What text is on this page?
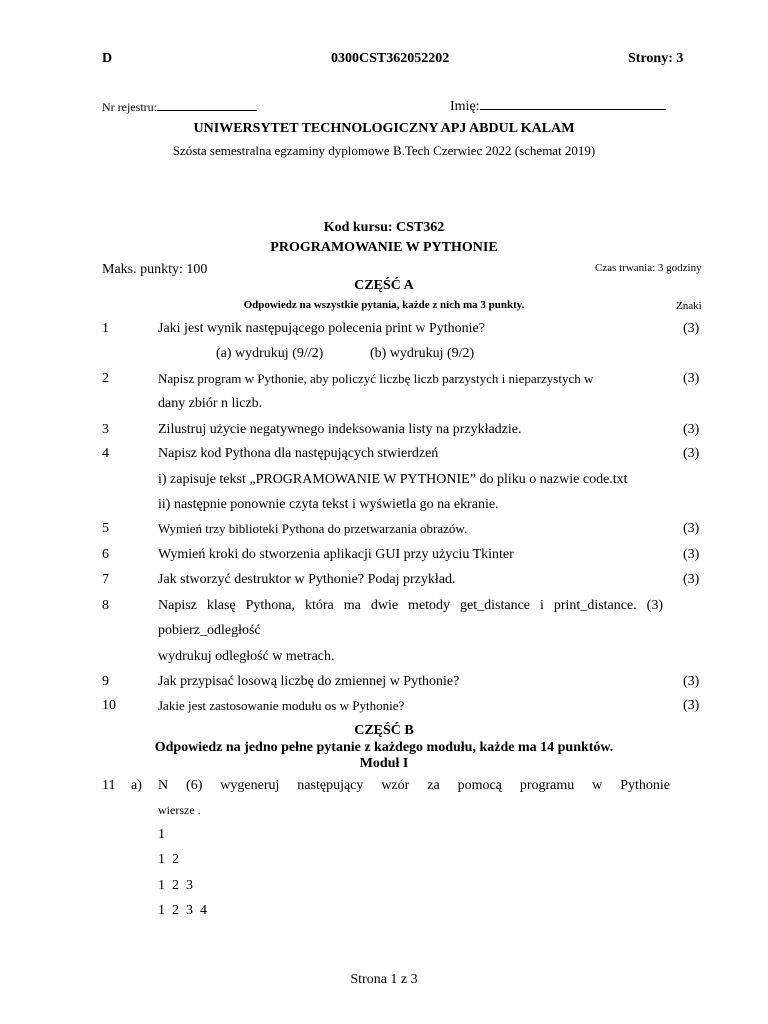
D	0300CST362052202	Strony: 3
Nr rejestru:	Imię:
UNIWERSYTET TECHNOLOGICZNY APJ ABDUL KALAM
Szósta semestralna egzaminy dyplomowe B.Tech Czerwiec 2022 (schemat 2019)
Kod kursu: CST362
PROGRAMOWANIE W PYTHONIE
Maks. punkty: 100	Czas trwania: 3 godziny
CZĘŚĆ A
Odpowiedz na wszystkie pytania, każde z nich ma 3 punkty.	Znaki
1	Jaki jest wynik następującego polecenia print w Pythonie?	(3)
(a) wydrukuj (9//2)	(b) wydrukuj (9/2)
2	Napisz program w Pythonie, aby policzyć liczbę liczb parzystych i nieparzystych w	(3)
dany zbiór n liczb.
3	Zilustruj użycie negatywnego indeksowania listy na przykładzie.	(3)
4	Napisz kod Pythona dla następujących stwierdzeń	(3)
i) zapisuje tekst „PROGRAMOWANIE W PYTHONIE” do pliku o nazwie code.txt
ii) następnie ponownie czyta tekst i wyświetla go na ekranie.
5	Wymień trzy biblioteki Pythona do przetwarzania obrazów.	(3)
6	Wymień kroki do stworzenia aplikacji GUI przy użyciu Tkinter	(3)
7	Jak stworzyć destruktor w Pythonie? Podaj przykład.	(3)
8	Napisz klasę Pythona, która ma dwie metody get_distance i print_distance. (3)
pobierz_odległość
wydrukuj odległość w metrach.
9	Jak przypisać losową liczbę do zmiennej w Pythonie?	(3)
10	Jakie jest zastosowanie modułu os w Pythonie?	(3)
CZĘŚĆ B
Odpowiedz na jedno pełne pytanie z każdego modułu, każde ma 14 punktów.
Moduł I
11 a) N (6) wygeneruj następujący wzór za pomocą programu w Pythonie
wiersze .
1
1  2
1  2  3
1  2  3  4
Strona 1 z 3
